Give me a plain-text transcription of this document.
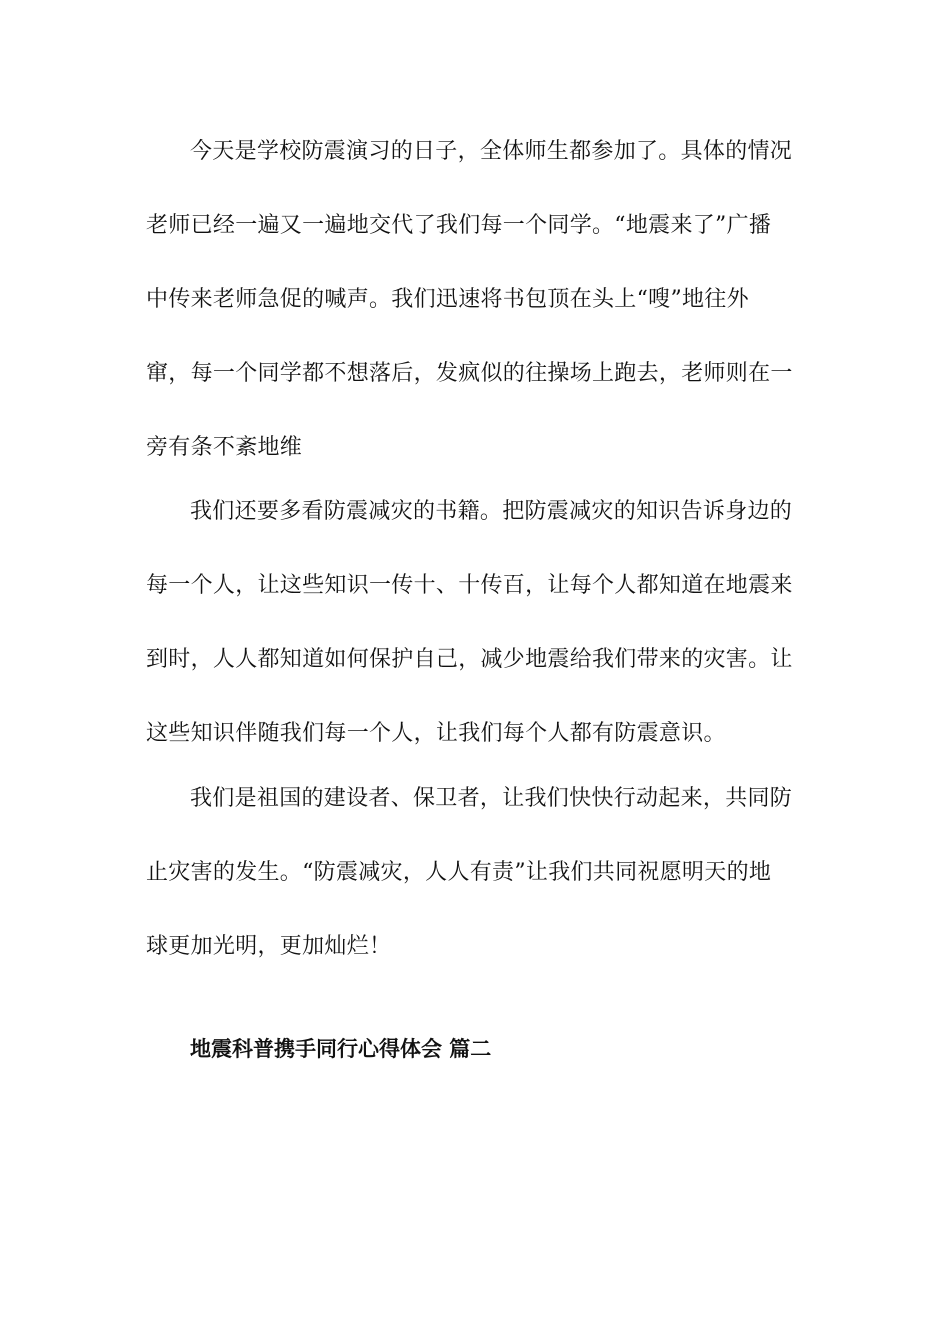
今天是学校防震演习的日子，全体师生都参加了。具体的情况
老师已经一遍又一遍地交代了我们每一个同学。“地震来了”广播
中传来老师急促的喊声。我们迅速将书包顶在头上“嗖”地往外
窜，每一个同学都不想落后，发疯似的往操场上跑去，老师则在一
旁有条不紊地维
我们还要多看防震减灾的书籍。把防震减灾的知识告诉身边的
每一个人，让这些知识一传十、十传百，让每个人都知道在地震来
到时，人人都知道如何保护自己，减少地震给我们带来的灾害。让
这些知识伴随我们每一个人，让我们每个人都有防震意识。
我们是祖国的建设者、保卫者，让我们快快行动起来，共同防
止灾害的发生。“防震减灾，人人有责”让我们共同祝愿明天的地
球更加光明，更加灿烂！
地震科普携手同行心得体会 篇二
